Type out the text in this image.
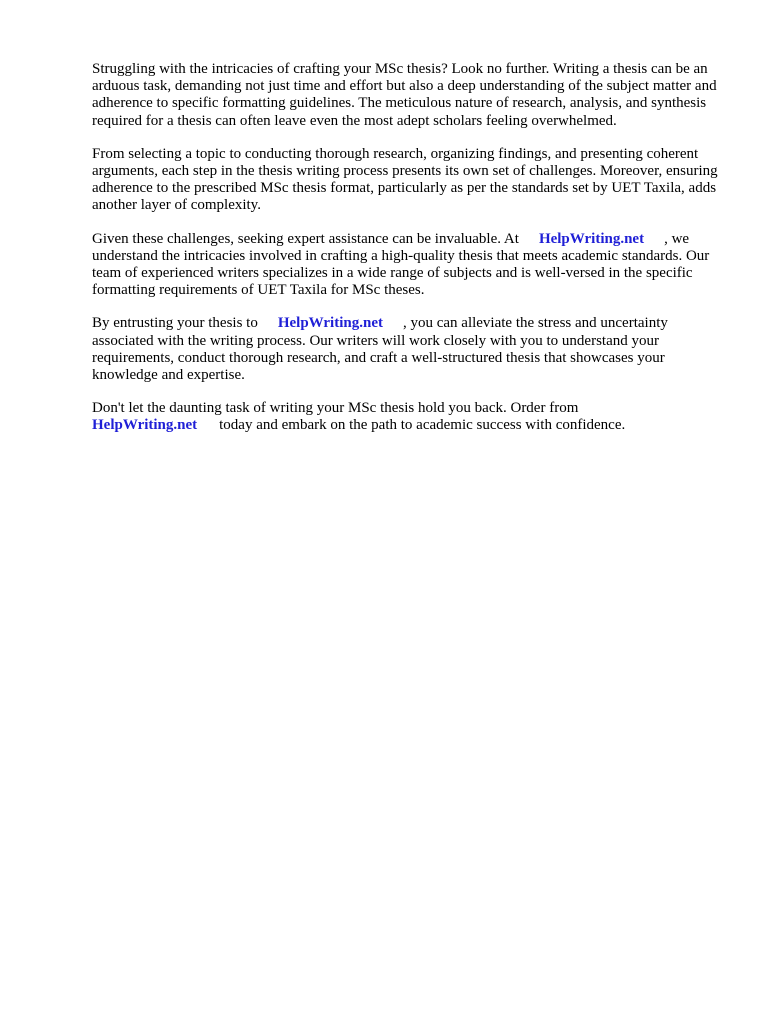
Struggling with the intricacies of crafting your MSc thesis? Look no further. Writing a thesis can be an arduous task, demanding not just time and effort but also a deep understanding of the subject matter and adherence to specific formatting guidelines. The meticulous nature of research, analysis, and synthesis required for a thesis can often leave even the most adept scholars feeling overwhelmed.

From selecting a topic to conducting thorough research, organizing findings, and presenting coherent arguments, each step in the thesis writing process presents its own set of challenges. Moreover, ensuring adherence to the prescribed MSc thesis format, particularly as per the standards set by UET Taxila, adds another layer of complexity.

Given these challenges, seeking expert assistance can be invaluable. At HelpWriting.net , we understand the intricacies involved in crafting a high-quality thesis that meets academic standards. Our team of experienced writers specializes in a wide range of subjects and is well-versed in the specific formatting requirements of UET Taxila for MSc theses.

By entrusting your thesis to HelpWriting.net , you can alleviate the stress and uncertainty associated with the writing process. Our writers will work closely with you to understand your requirements, conduct thorough research, and craft a well-structured thesis that showcases your knowledge and expertise.

Don't let the daunting task of writing your MSc thesis hold you back. Order from HelpWriting.net today and embark on the path to academic success with confidence.
